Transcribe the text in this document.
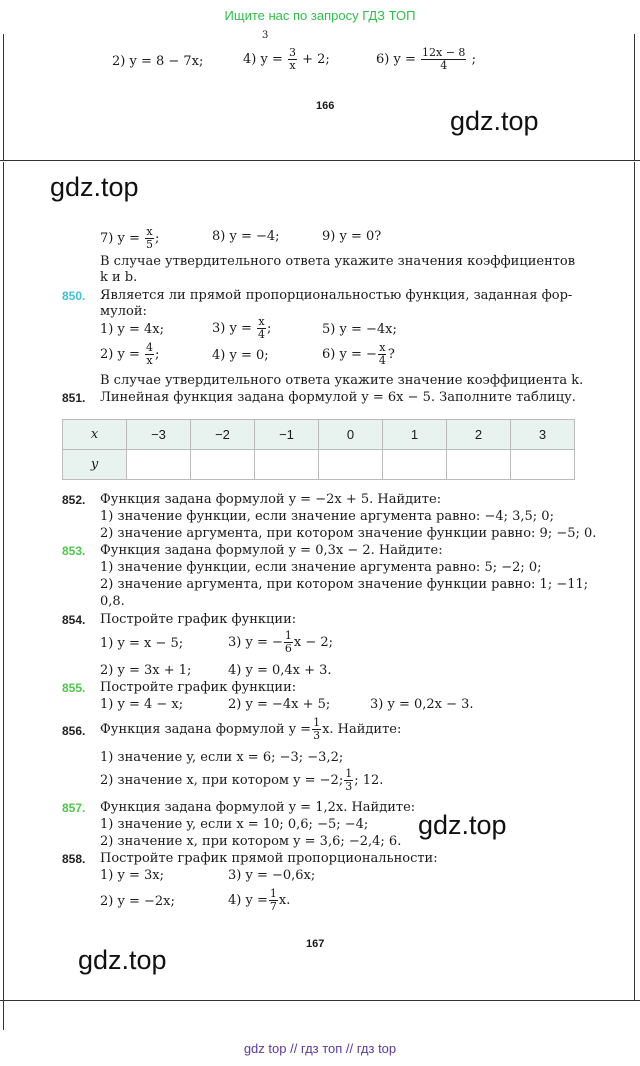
Ищите нас по запросу ГДЗ ТОП
3
2) y = 8 − 7x;	4) $y = \frac{3}{x} + 2$;	6) $y = \frac{12x - 8}{4}$ ;
166	gdz.top
gdz.top
7) $y = \frac{x}{5}$ ;	8) y = −4;	9) y = 0?
В случае утвердительного ответа укажите значения коэффициентов
k и b.
850. Является ли прямой пропорциональностью функция, заданная фор-
мулой:
1) y = 4x;	3) $y = \frac{x}{4}$ ;	5) y = −4x;
2) $y = \frac{4}{x}$ ;	4) y = 0;	6) y = − $\frac{x}{4}$ ?
В случае утвердительного ответа укажите значение коэффициента k.
851. Линейная функция задана формулой y = 6x − 5. Заполните таблицу.
x	−3	−2	−1	0	1	2	3
y							
852. Функция задана формулой y = −2x + 5. Найдите:
1) значение функции, если значение аргумента равно: −4; 3,5; 0;
2) значение аргумента, при котором значение функции равно: 9; −5; 0.
853. Функция задана формулой y = 0,3x − 2. Найдите:
1) значение функции, если значение аргумента равно: 5; −2; 0;
2) значение аргумента, при котором значение функции равно: 1; −11;
0,8.
854. Постройте график функции:
1) y = x − 5;	3) y = − $\frac{1}{6}$ x − 2;
2) y = 3x + 1;	4) y = 0,4x + 3.
855. Постройте график функции:
1) y = 4 − x;	2) y = −4x + 5;	3) y = 0,2x − 3.
856. Функция задана формулой $y = \frac{1}{3} x$. Найдите:
1) значение y, если x = 6; −3; −3,2;
2) значение x, при котором y = −2; $\frac{1}{3}$ ; 12.
857. Функция задана формулой y = 1,2x. Найдите:
1) значение y, если x = 10; 0,6; −5; −4;
2) значение x, при котором y = 3,6; −2,4; 6.
gdz.top
858. Постройте график прямой пропорциональности:
1) y = 3x;	3) y = −0,6x;
2) y = −2x;	4) $y = \frac{1}{7} x$.
167
gdz.top
gdz top // гдз топ // гдз top
